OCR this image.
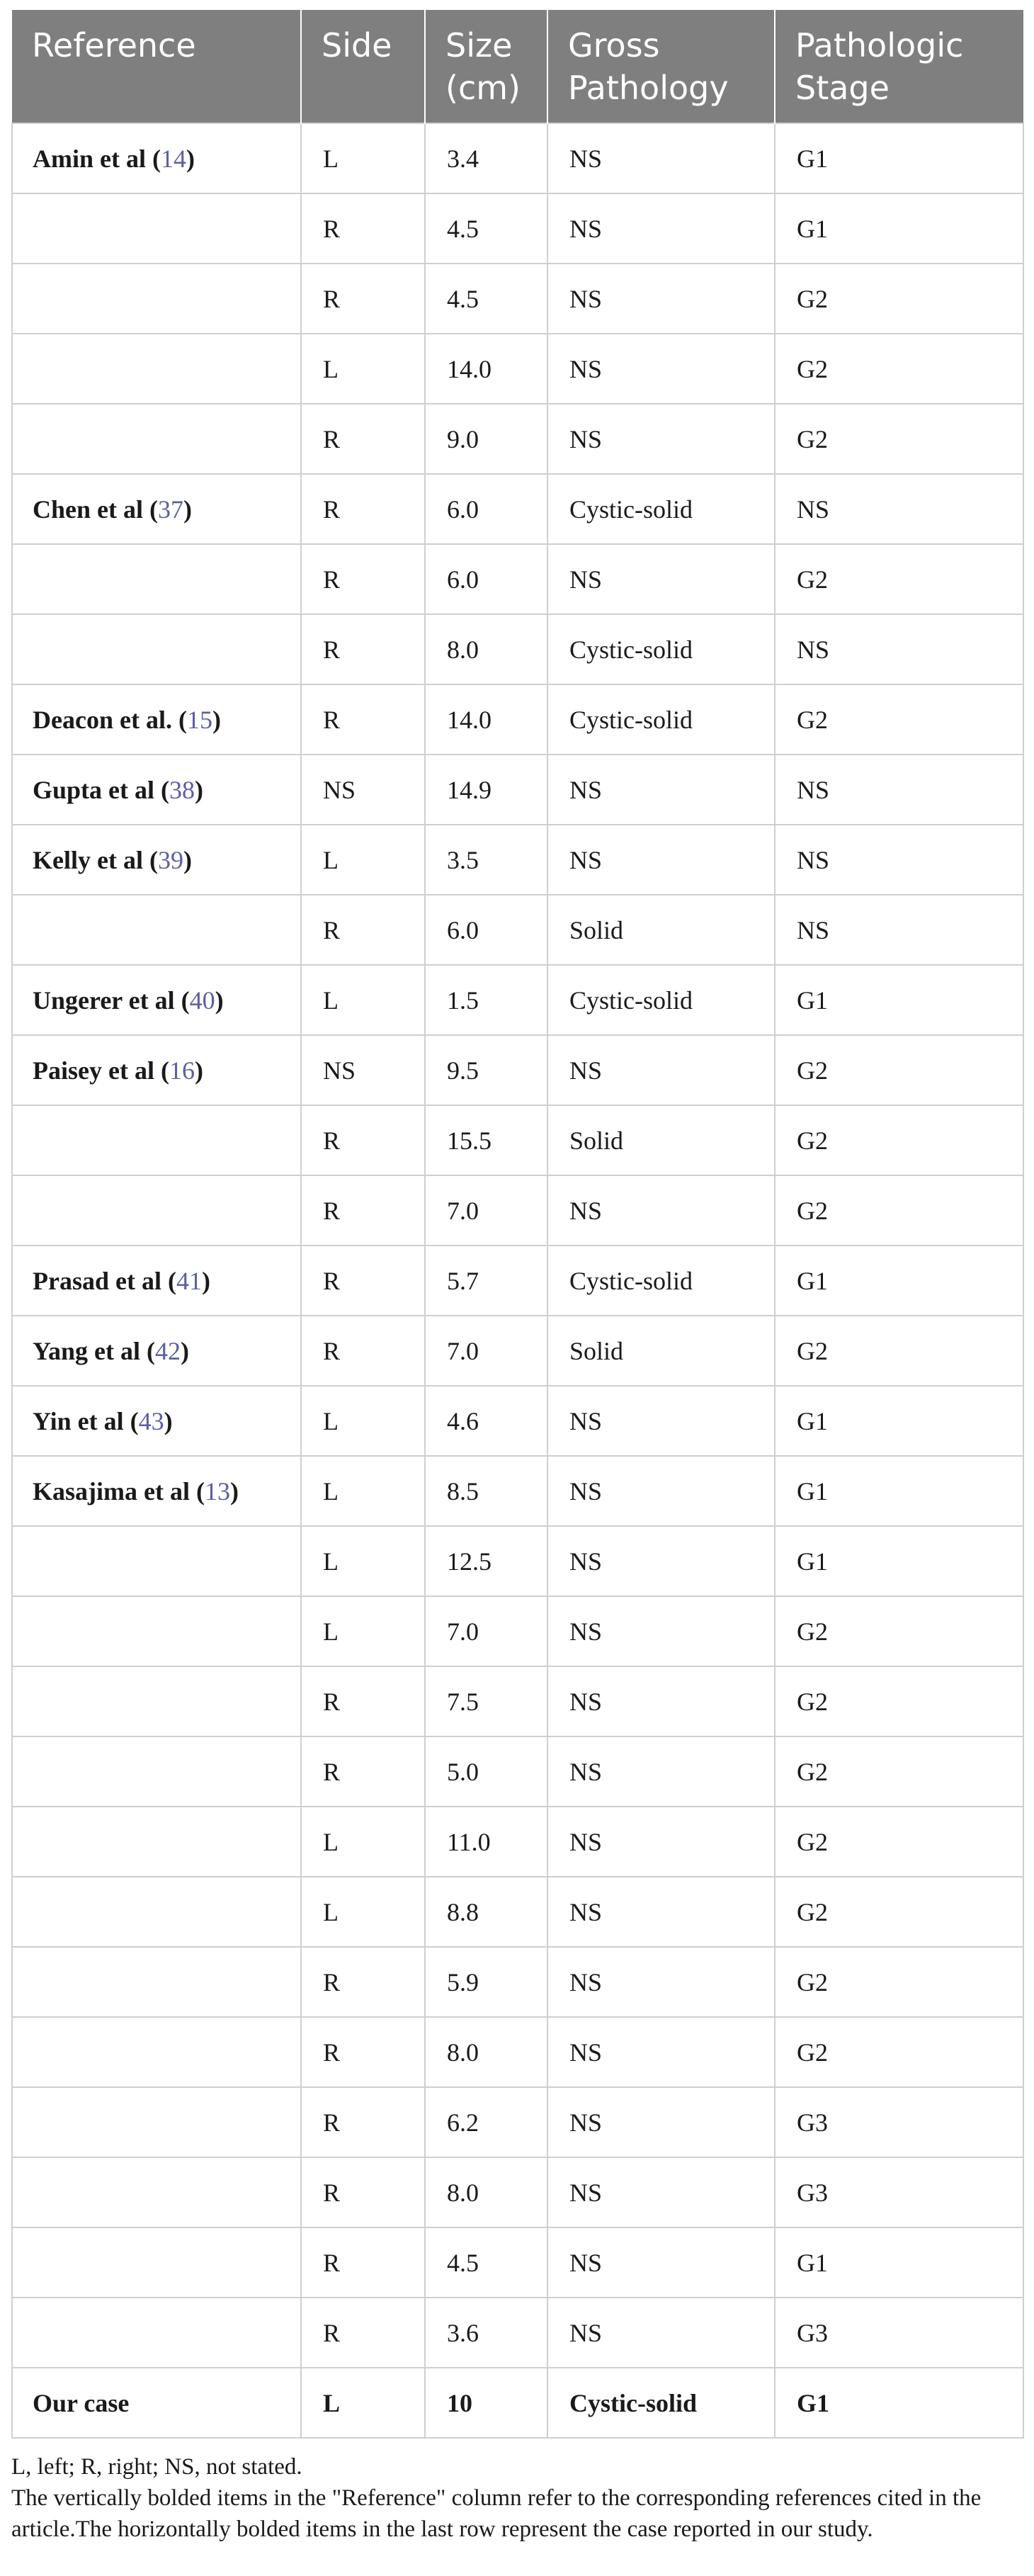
Reference	Side	Size (cm)	Gross Pathology	Pathologic Stage
Amin et al (14)	L	3.4	NS	G1
	R	4.5	NS	G1
	R	4.5	NS	G2
	L	14.0	NS	G2
	R	9.0	NS	G2
Chen et al (37)	R	6.0	Cystic-solid	NS
	R	6.0	NS	G2
	R	8.0	Cystic-solid	NS
Deacon et al. (15)	R	14.0	Cystic-solid	G2
Gupta et al (38)	NS	14.9	NS	NS
Kelly et al (39)	L	3.5	NS	NS
	R	6.0	Solid	NS
Ungerer et al (40)	L	1.5	Cystic-solid	G1
Paisey et al (16)	NS	9.5	NS	G2
	R	15.5	Solid	G2
	R	7.0	NS	G2
Prasad et al (41)	R	5.7	Cystic-solid	G1
Yang et al (42)	R	7.0	Solid	G2
Yin et al (43)	L	4.6	NS	G1
Kasajima et al (13)	L	8.5	NS	G1
	L	12.5	NS	G1
	L	7.0	NS	G2
	R	7.5	NS	G2
	R	5.0	NS	G2
	L	11.0	NS	G2
	L	8.8	NS	G2
	R	5.9	NS	G2
	R	8.0	NS	G2
	R	6.2	NS	G3
	R	8.0	NS	G3
	R	4.5	NS	G1
	R	3.6	NS	G3
Our case	L	10	Cystic-solid	G1

L, left; R, right; NS, not stated.

The vertically bolded items in the "Reference" column refer to the corresponding references cited in the article.The horizontally bolded items in the last row represent the case reported in our study.
